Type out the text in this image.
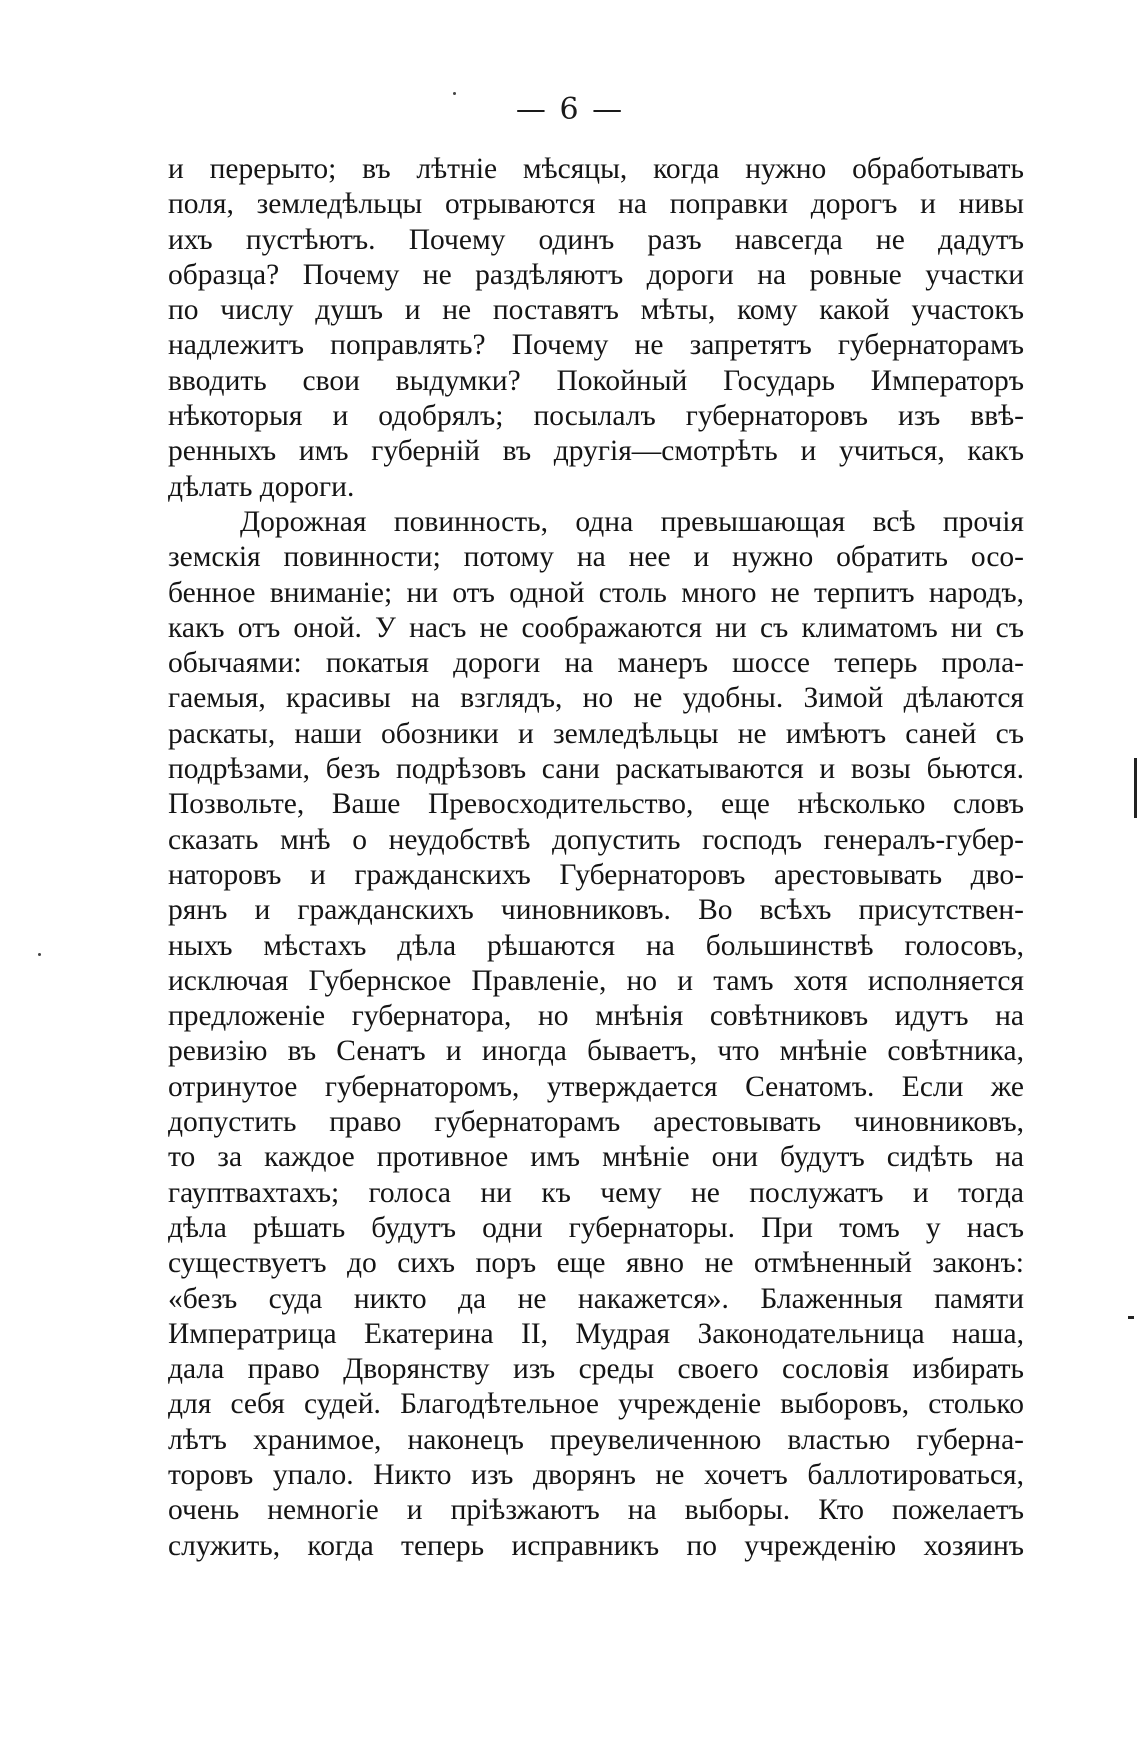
— 6 —
и перерыто; въ лѣтніе мѣсяцы, когда нужно обработывать
поля, земледѣльцы отрываются на поправки дорогъ и нивы
ихъ пустѣютъ. Почему одинъ разъ навсегда не дадутъ
образца? Почему не раздѣляютъ дороги на ровные участки
по числу душъ и не поставятъ мѣты, кому какой участокъ
надлежитъ поправлять? Почему не запретятъ губернаторамъ
вводить свои выдумки? Покойный Государь Императоръ
нѣкоторыя и одобрялъ; посылалъ губернаторовъ изъ ввѣ-
ренныхъ имъ губерній въ другія—смотрѣть и учиться, какъ
дѣлать дороги.
Дорожная повинность, одна превышающая всѣ прочія
земскія повинности; потому на нее и нужно обратить осо-
бенное вниманіе; ни отъ одной столь много не терпитъ народъ,
какъ отъ оной. У насъ не соображаются ни съ климатомъ ни съ
обычаями: покатыя дороги на манеръ шоссе теперь прола-
гаемыя, красивы на взглядъ, но не удобны. Зимой дѣлаются
раскаты, наши обозники и земледѣльцы не имѣютъ саней съ
подрѣзами, безъ подрѣзовъ сани раскатываются и возы бьются.
Позвольте, Ваше Превосходительство, еще нѣсколько словъ
сказать мнѣ о неудобствѣ допустить господъ генералъ-губер-
наторовъ и гражданскихъ Губернаторовъ арестовывать дво-
рянъ и гражданскихъ чиновниковъ. Во всѣхъ присутствен-
ныхъ мѣстахъ дѣла рѣшаются на большинствѣ голосовъ,
исключая Губернское Правленіе, но и тамъ хотя исполняется
предложеніе губернатора, но мнѣнія совѣтниковъ идутъ на
ревизію въ Сенатъ и иногда бываетъ, что мнѣніе совѣтника,
отринутое губернаторомъ, утверждается Сенатомъ. Если же
допустить право губернаторамъ арестовывать чиновниковъ,
то за каждое противное имъ мнѣніе они будутъ сидѣть на
гауптвахтахъ; голоса ни къ чему не послужатъ и тогда
дѣла рѣшать будутъ одни губернаторы. При томъ у насъ
существуетъ до сихъ поръ еще явно не отмѣненный законъ:
«безъ суда никто да не накажется». Блаженныя памяти
Императрица Екатерина II, Мудрая Законодательница наша,
дала право Дворянству изъ среды своего сословія избирать
для себя судей. Благодѣтельное учрежденіе выборовъ, столько
лѣтъ хранимое, наконецъ преувеличенною властью губерна-
торовъ упало. Никто изъ дворянъ не хочетъ баллотироваться,
очень немногіе и пріѣзжаютъ на выборы. Кто пожелаетъ
служить, когда теперь исправникъ по учрежденію хозяинъ
